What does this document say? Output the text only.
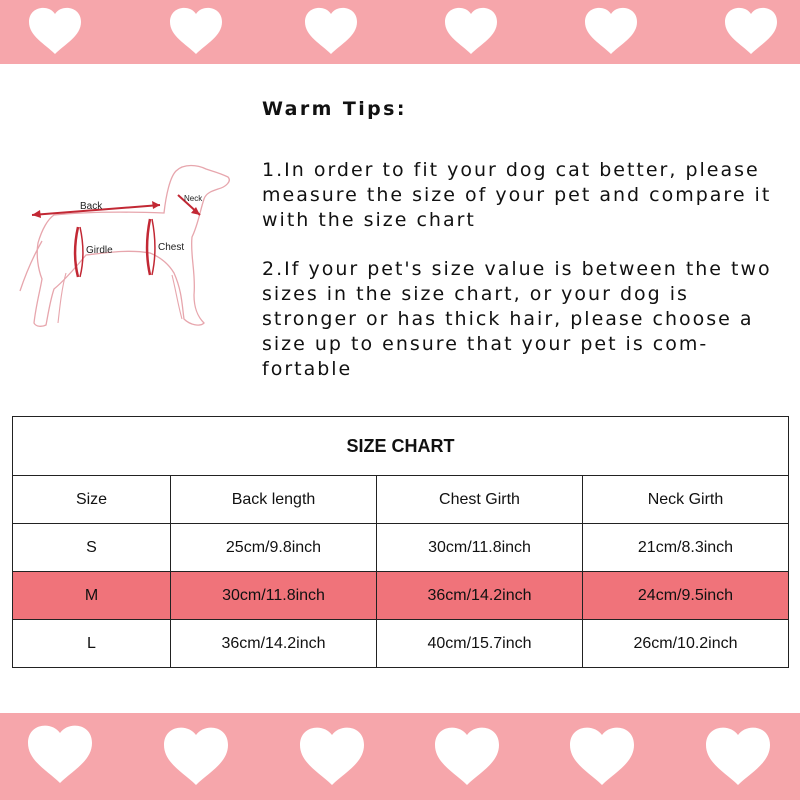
Back
Neck
Girdle	Chest
Warm Tips:

1.In order to fit your dog cat better, please measure the size of your pet and compare it with the size chart

2.If your pet's size value is between the two sizes in the size chart, or your dog is stronger or has thick hair, please choose a size up to ensure that your pet is com- fortable

SIZE CHART			
Size	Back length	Chest Girth	Neck Girth
S	25cm/9.8inch	30cm/11.8inch	21cm/8.3inch
M	30cm/11.8inch	36cm/14.2inch	24cm/9.5inch
L	36cm/14.2inch	40cm/15.7inch	26cm/10.2inch
